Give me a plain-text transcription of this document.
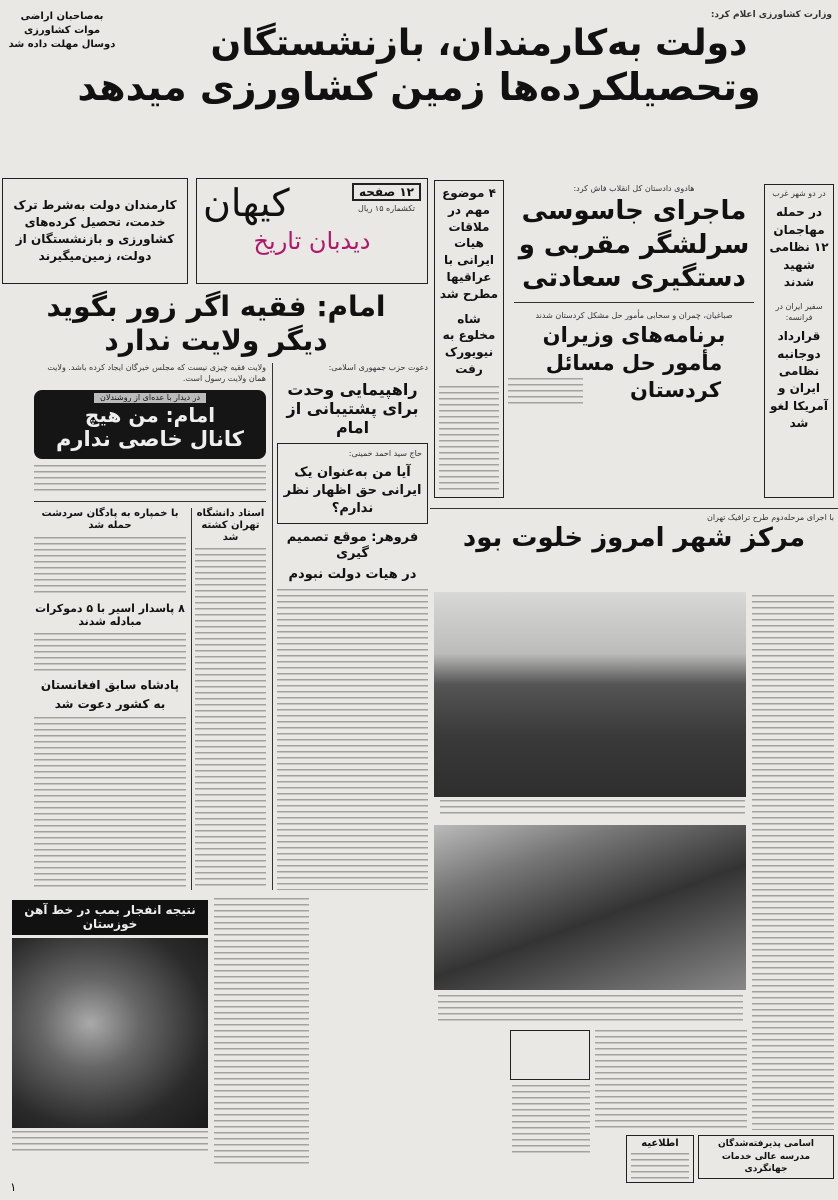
وزارت کشاورزی اعلام کرد:
دولت به‌کارمندان، بازنشستگان
به‌صاحبان اراضی
موات کشاورزی
دوسال مهلت داده شد
وتحصیلکرده‌ها زمین کشاورزی میدهد
کارمندان دولت به‌شرط ترک خدمت، تحصیل کرده‌های کشاورزی و بازنشستگان از دولت، زمین‌میگیرند
۱۲ صفحه
تکشماره ۱۵ ریال
کیهان
دیدبان تاریخ
امام: فقیه اگر زور بگوید
دیگر ولایت ندارد
دعوت حزب جمهوری اسلامی:
راهپیمایی وحدت برای پشتیبانی از امام
حاج سید احمد خمینی:
آیا من به‌عنوان یک ایرانی حق اظهار نظر ندارم؟
فروهر: موقع تصمیم گیری
در هیات دولت نبودم
ولایت فقیه چیزی نیست که مجلس خبرگان ایجاد کرده باشد. ولایت همان ولایت رسول است.
در دیدار با عده‌ای از روشندلان
امام: من هیچ
کانال خاصی ندارم
استاد دانشگاه تهران کشته شد
با خمپاره به پادگان سردشت حمله شد
۸ پاسدار اسیر با ۵ دموکرات مبادله شدند
پادشاه سابق افغانستان
به کشور دعوت شد
نتیجه انفجار بمب در خط آهن خوزستان
۱
۴ موضوع مهم در ملاقات هیات ایرانی با عراقیها مطرح شد
شاه مخلوع به نیویورک رفت
هادوی دادستان کل انقلاب فاش کرد:
ماجرای جاسوسی
سرلشگر مقربی و
دستگیری سعادتی
صباغیان، چمران و سحابی مأمور حل مشکل کردستان شدند
برنامه‌های وزیران
مأمور حل مسائل
کردستان
در دو شهر غرب
در حمله مهاجمان ۱۲ نظامی شهید شدند
سفیر ایران در فرانسه:
قرارداد دوجانبه نظامی ایران و آمریکا لغو شد
با اجرای مرحله‌دوم طرح ترافیک تهران
مرکز شهر امروز خلوت بود
اسامی پذیرفته‌شدگان مدرسه عالی خدمات جهانگردی
اطلاعیه
